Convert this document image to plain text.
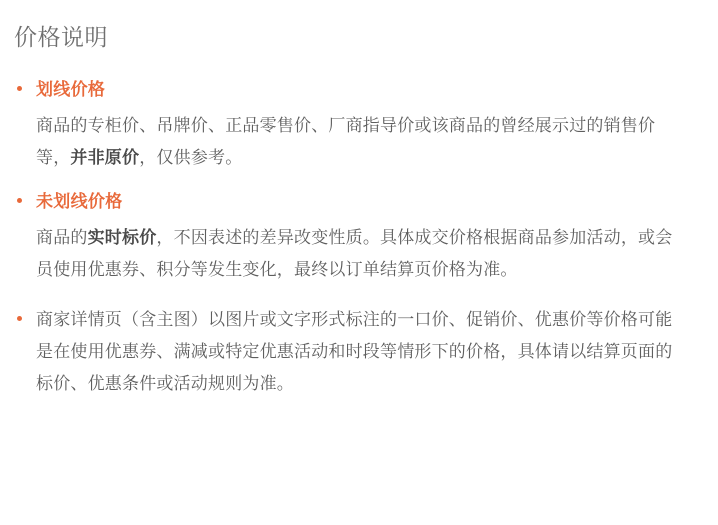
价格说明
划线价格

商品的专柜价、吊牌价、正品零售价、厂商指导价或该商品的曾经展示过的销售价等，并非原价，仅供参考。

未划线价格

商品的实时标价，不因表述的差异改变性质。具体成交价格根据商品参加活动，或会员使用优惠券、积分等发生变化，最终以订单结算页价格为准。

商家详情页（含主图）以图片或文字形式标注的一口价、促销价、优惠价等价格可能是在使用优惠券、满减或特定优惠活动和时段等情形下的价格，具体请以结算页面的标价、优惠条件或活动规则为准。
